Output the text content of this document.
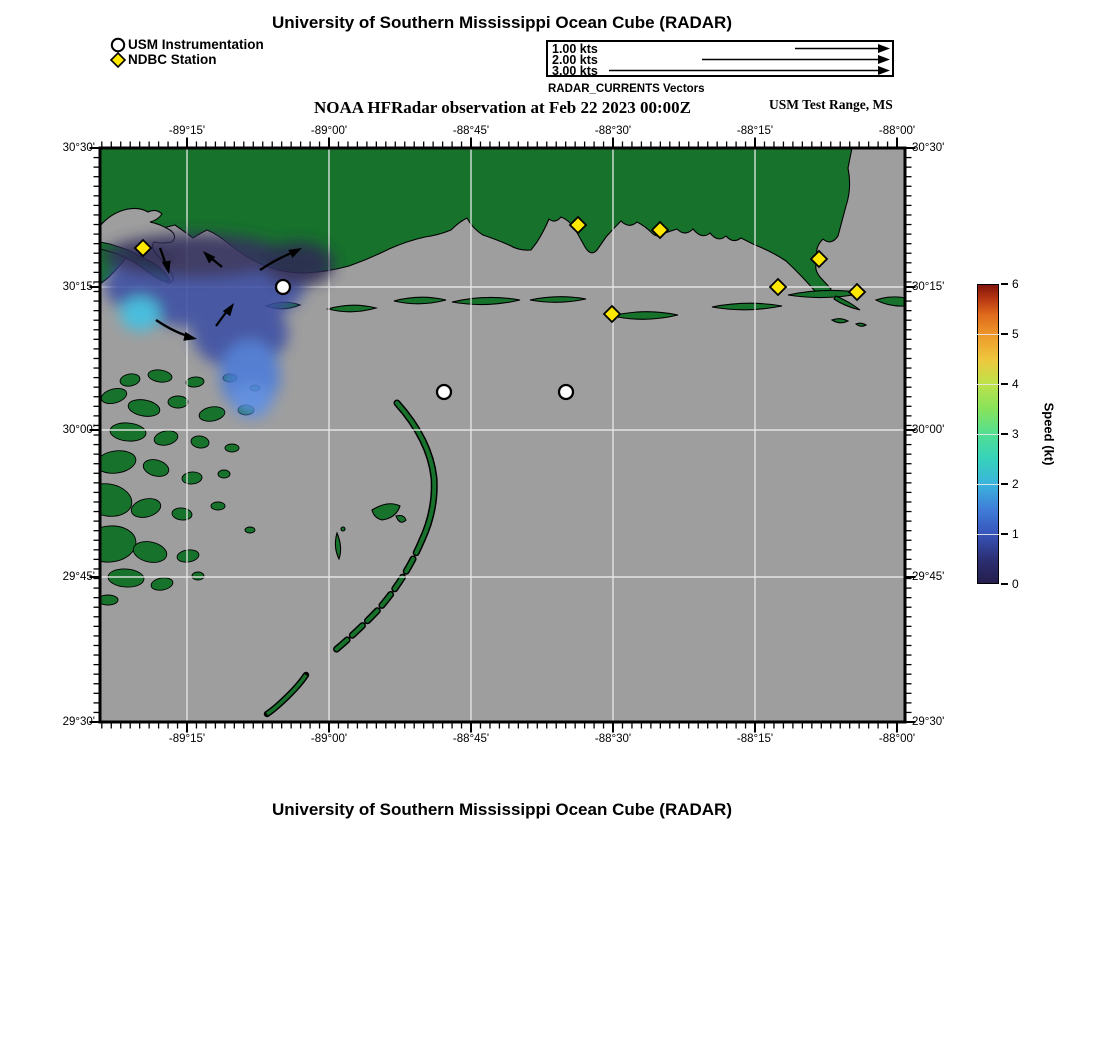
University of Southern Mississippi Ocean Cube (RADAR)
USM Instrumentation
NDBC Station
1.00 kts
2.00 kts
3.00 kts
RADAR_CURRENTS Vectors
NOAA HFRadar observation at Feb 22 2023 00:00Z	USM Test Range, MS
-89°15'	-89°00'	-88°45'	-88°30'	-88°15'	-88°00'
-89°15'	-89°00'	-88°45'	-88°30'	-88°15'	-88°00'
30°30'
30°15'
30°00'
29°45'
29°30'
30°30'
30°15'
30°00'
29°45'
29°30'
0
1
2
3
4
5
6
Speed (kt)
University of Southern Mississippi Ocean Cube (RADAR)
